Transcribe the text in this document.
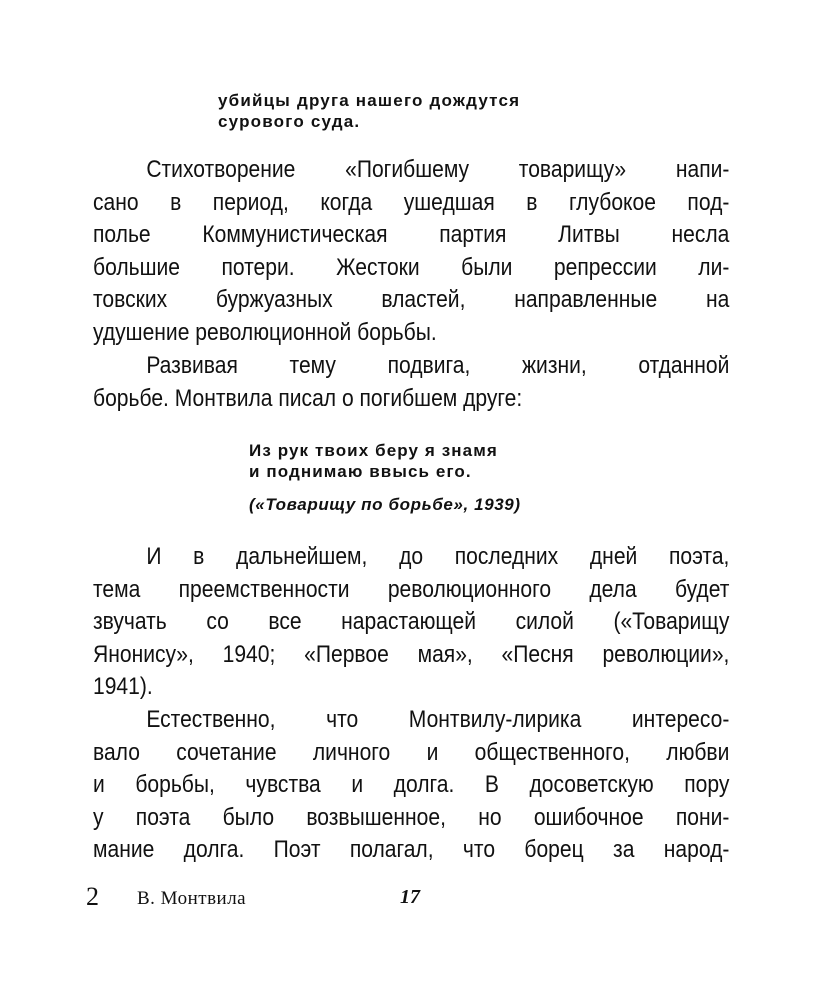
убийцы друга нашего дождутся
сурового суда.
Стихотворение «Погибшему товарищу» напи-
сано в период, когда ушедшая в глубокое под-
полье Коммунистическая партия Литвы несла
большие потери. Жестоки были репрессии ли-
товских буржуазных властей, направленные на
удушение революционной борьбы.
Развивая тему подвига, жизни, отданной
борьбе. Монтвила писал о погибшем друге:
Из рук твоих беру я знамя
и поднимаю ввысь его.
(«Товарищу по борьбе», 1939)
И в дальнейшем, до последних дней поэта,
тема преемственности революционного дела будет
звучать со все нарастающей силой («Товарищу
Янонису», 1940; «Первое мая», «Песня революции»,
1941).
Естественно, что Монтвилу-лирика интересо-
вало сочетание личного и общественного, любви
и борьбы, чувства и долга. В досоветскую пору
у поэта было возвышенное, но ошибочное пони-
мание долга. Поэт полагал, что борец за народ-
2 В. Монтвила	17
